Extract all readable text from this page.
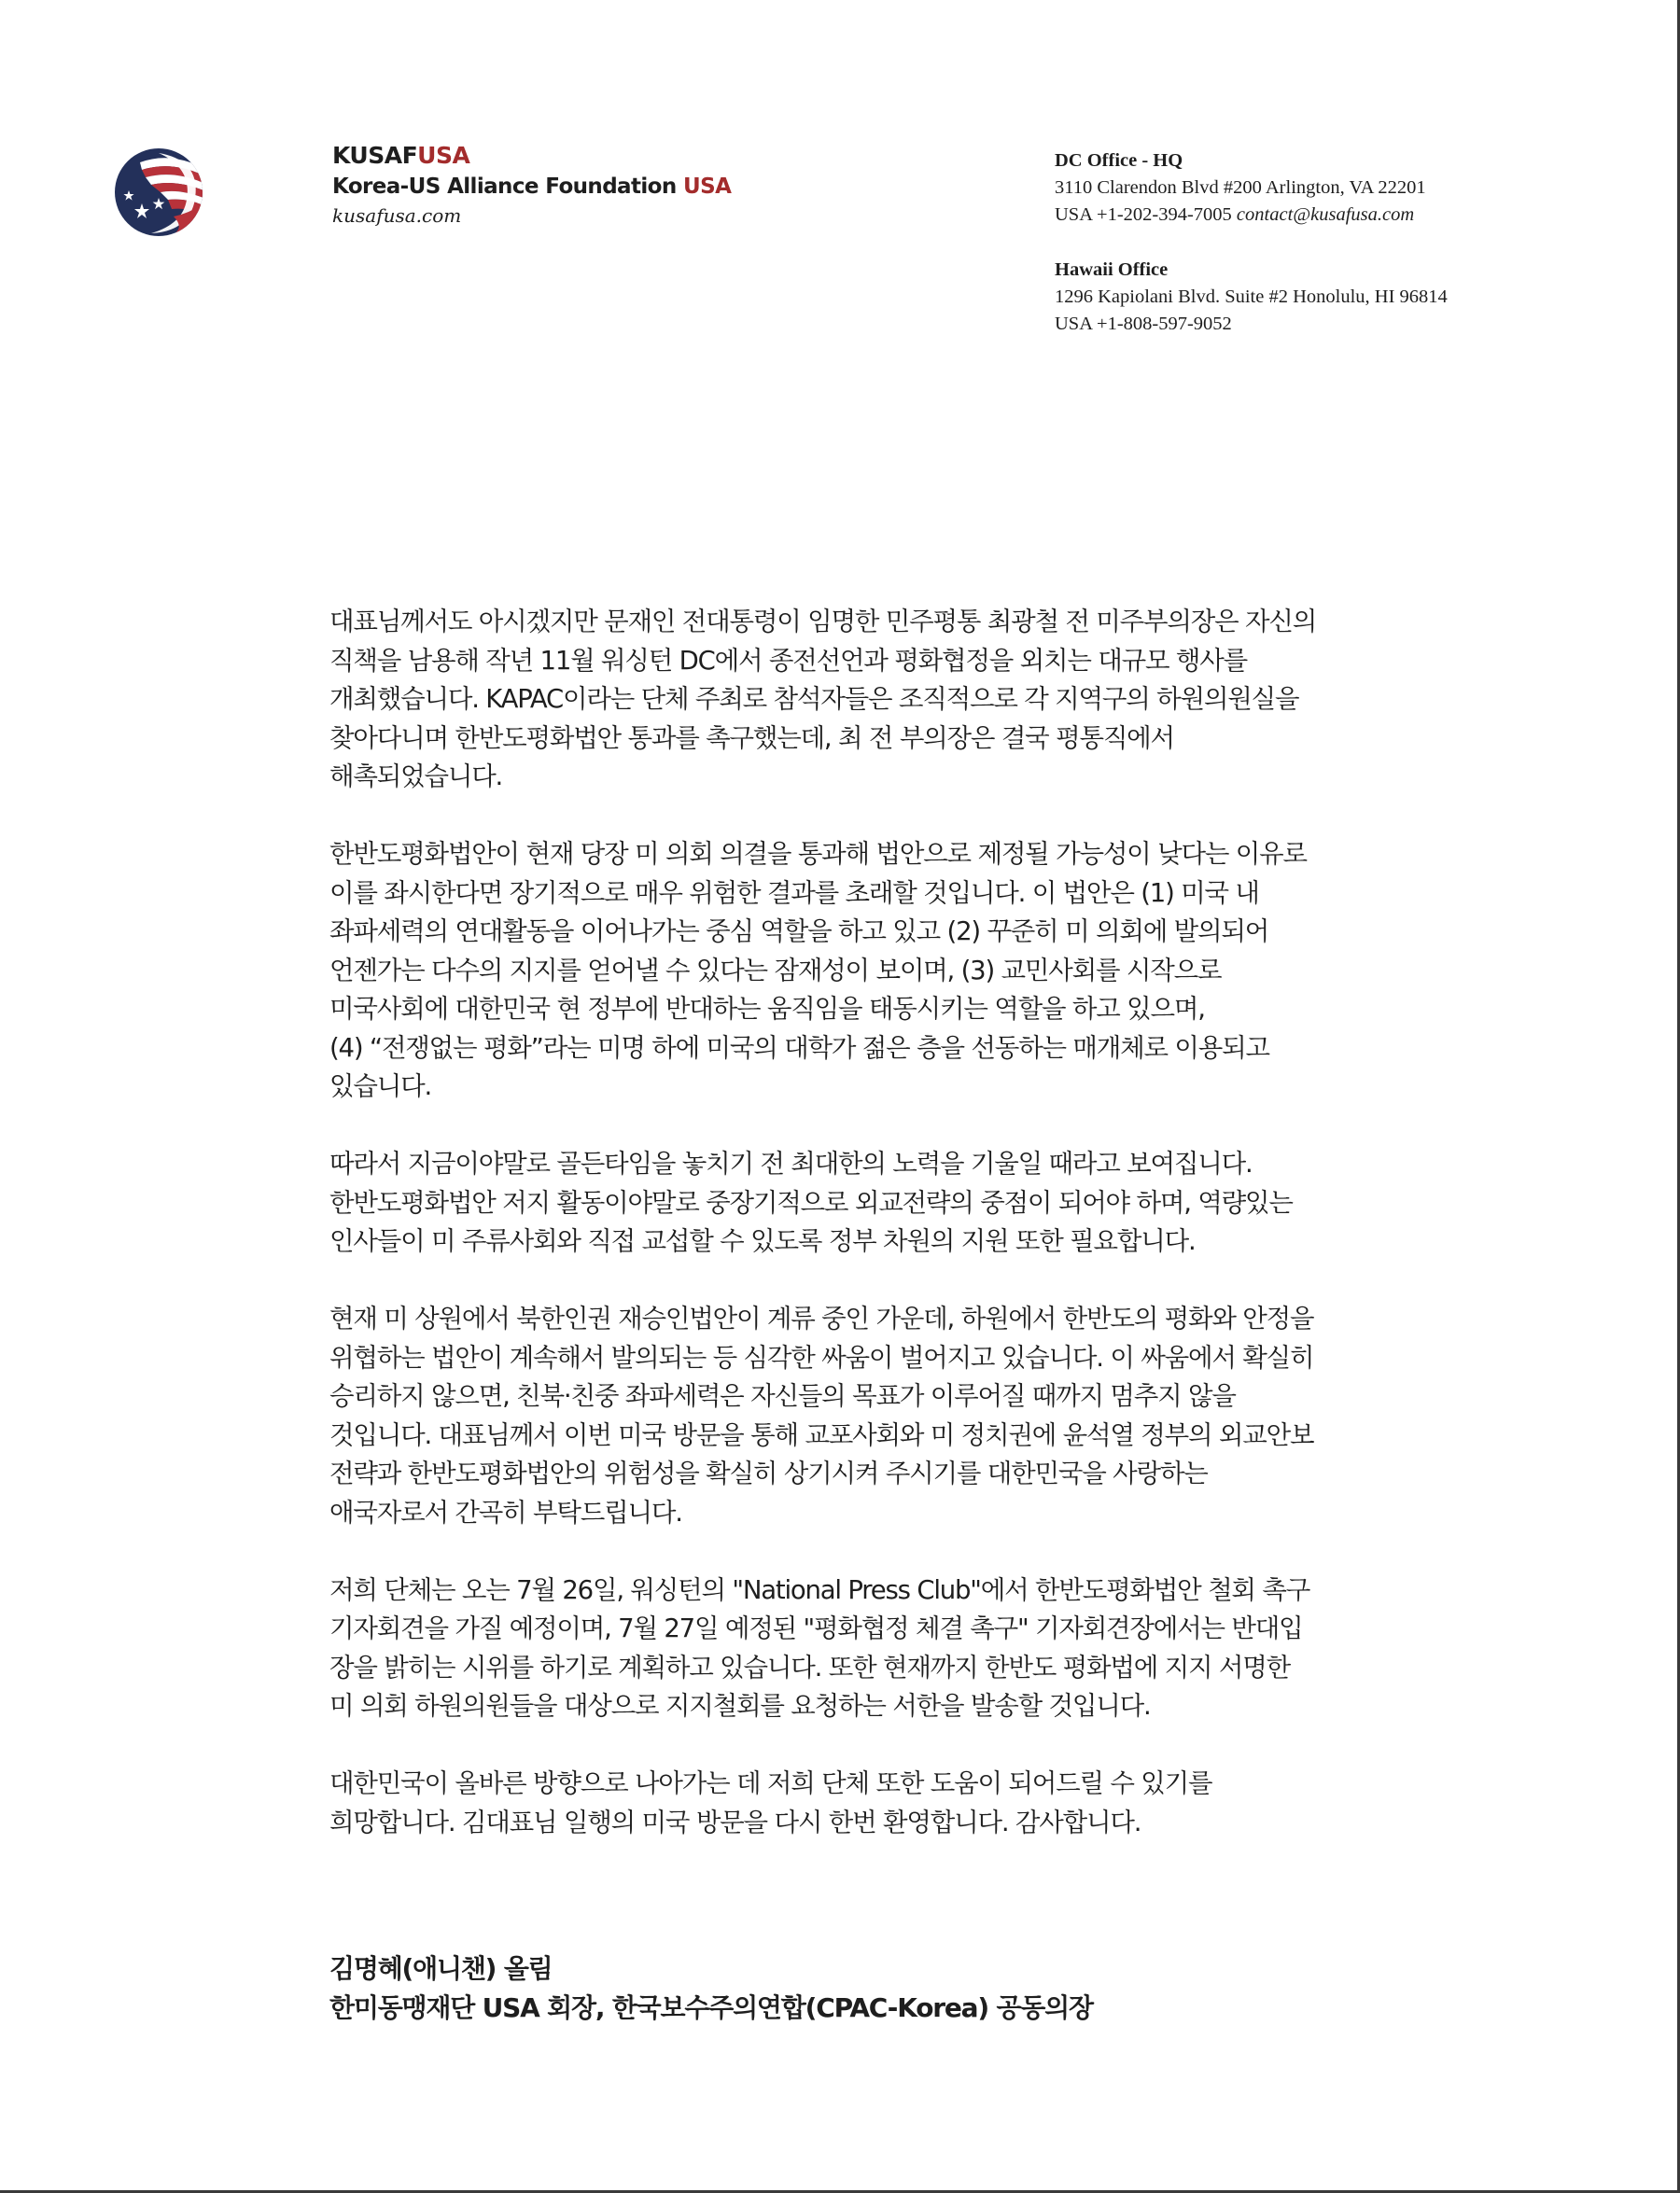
KUSAFUSA
Korea-US Alliance Foundation USA
kusafusa.com
DC Office - HQ
3110 Clarendon Blvd #200 Arlington, VA 22201
USA +1-202-394-7005 contact@kusafusa.com
Hawaii Office
1296 Kapiolani Blvd. Suite #2 Honolulu, HI 96814
USA +1-808-597-9052

대표님께서도 아시겠지만 문재인 전대통령이 임명한 민주평통 최광철 전 미주부의장은 자신의
직책을 남용해 작년 11월 워싱턴 DC에서 종전선언과 평화협정을 외치는 대규모 행사를
개최했습니다. KAPAC이라는 단체 주최로 참석자들은 조직적으로 각 지역구의 하원의원실을
찾아다니며 한반도평화법안 통과를 촉구했는데, 최 전 부의장은 결국 평통직에서
해촉되었습니다.

한반도평화법안이 현재 당장 미 의회 의결을 통과해 법안으로 제정될 가능성이 낮다는 이유로
이를 좌시한다면 장기적으로 매우 위험한 결과를 초래할 것입니다. 이 법안은 (1) 미국 내
좌파세력의 연대활동을 이어나가는 중심 역할을 하고 있고 (2) 꾸준히 미 의회에 발의되어
언젠가는 다수의 지지를 얻어낼 수 있다는 잠재성이 보이며, (3) 교민사회를 시작으로
미국사회에 대한민국 현 정부에 반대하는 움직임을 태동시키는 역할을 하고 있으며,
(4) “전쟁없는 평화”라는 미명 하에 미국의 대학가 젊은 층을 선동하는 매개체로 이용되고
있습니다.

따라서 지금이야말로 골든타임을 놓치기 전 최대한의 노력을 기울일 때라고 보여집니다.
한반도평화법안 저지 활동이야말로 중장기적으로 외교전략의 중점이 되어야 하며, 역량있는
인사들이 미 주류사회와 직접 교섭할 수 있도록 정부 차원의 지원 또한 필요합니다.

현재 미 상원에서 북한인권 재승인법안이 계류 중인 가운데, 하원에서 한반도의 평화와 안정을
위협하는 법안이 계속해서 발의되는 등 심각한 싸움이 벌어지고 있습니다. 이 싸움에서 확실히
승리하지 않으면, 친북·친중 좌파세력은 자신들의 목표가 이루어질 때까지 멈추지 않을
것입니다. 대표님께서 이번 미국 방문을 통해 교포사회와 미 정치권에 윤석열 정부의 외교안보
전략과 한반도평화법안의 위험성을 확실히 상기시켜 주시기를 대한민국을 사랑하는
애국자로서 간곡히 부탁드립니다.

저희 단체는 오는 7월 26일, 워싱턴의 "National Press Club"에서 한반도평화법안 철회 촉구
기자회견을 가질 예정이며, 7월 27일 예정된 "평화협정 체결 촉구" 기자회견장에서는 반대입
장을 밝히는 시위를 하기로 계획하고 있습니다. 또한 현재까지 한반도 평화법에 지지 서명한
미 의회 하원의원들을 대상으로 지지철회를 요청하는 서한을 발송할 것입니다.

대한민국이 올바른 방향으로 나아가는 데 저희 단체 또한 도움이 되어드릴 수 있기를
희망합니다. 김대표님 일행의 미국 방문을 다시 한번 환영합니다. 감사합니다.

김명혜(애니챈) 올림
한미동맹재단 USA 회장, 한국보수주의연합(CPAC-Korea) 공동의장
